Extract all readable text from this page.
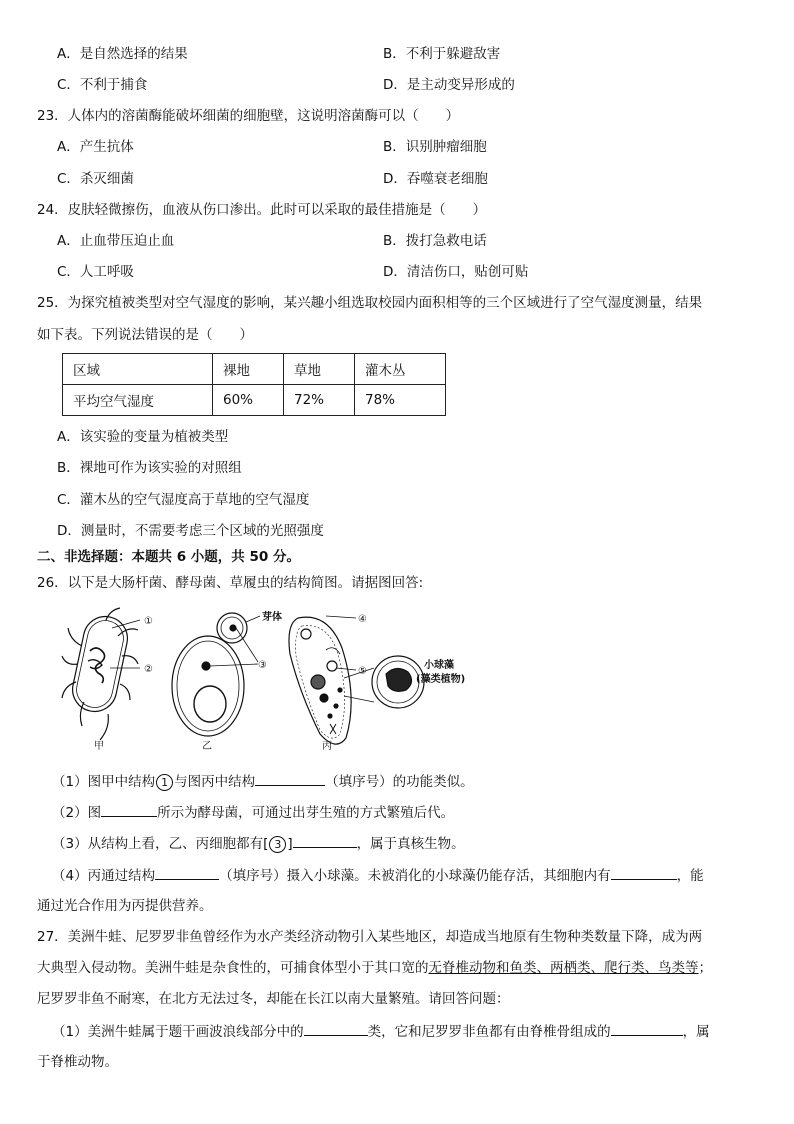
A．是自然选择的结果	B．不利于躲避敌害
C．不利于捕食	D．是主动变异形成的
23．人体内的溶菌酶能破坏细菌的细胞壁，这说明溶菌酶可以（　　）
A．产生抗体	B．识别肿瘤细胞
C．杀灭细菌	D．吞噬衰老细胞
24．皮肤轻微擦伤，血液从伤口渗出。此时可以采取的最佳措施是（　　）
A．止血带压迫止血	B．拨打急救电话
C．人工呼吸	D．清洁伤口，贴创可贴
25．为探究植被类型对空气湿度的影响，某兴趣小组选取校园内面积相等的三个区域进行了空气湿度测量，结果
如下表。下列说法错误的是（　　）
区域	裸地	草地	灌木丛
平均空气湿度	60%	72%	78%
A．该实验的变量为植被类型
B．裸地可作为该实验的对照组
C．灌木丛的空气湿度高于草地的空气湿度
D．测量时，不需要考虑三个区域的光照强度
二、非选择题：本题共 6 小题，共 50 分。
26．以下是大肠杆菌、酵母菌、草履虫的结构简图。请据图回答:
①
②
甲
芽体
③
乙
④
⑤
小球藻
(藻类植物)
丙
（1）图甲中结构 1 与图丙中结构	（填序号）的功能类似。
（2）图	所示为酵母菌，可通过出芽生殖的方式繁殖后代。
（3）从结构上看，乙、丙细胞都有[ 3 ]	，属于真核生物。
（4）丙通过结构	（填序号）摄入小球藻。未被消化的小球藻仍能存活，其细胞内有	，能
通过光合作用为丙提供营养。
27．美洲牛蛙、尼罗罗非鱼曾经作为水产类经济动物引入某些地区，却造成当地原有生物种类数量下降，成为两
大典型入侵动物。美洲牛蛙是杂食性的，可捕食体型小于其口宽的无脊椎动物和鱼类、两栖类、爬行类、鸟类等；
尼罗罗非鱼不耐寒，在北方无法过冬，却能在长江以南大量繁殖。请回答问题：
（1）美洲牛蛙属于题干画波浪线部分中的	类，它和尼罗罗非鱼都有由脊椎骨组成的	，属
于脊椎动物。
